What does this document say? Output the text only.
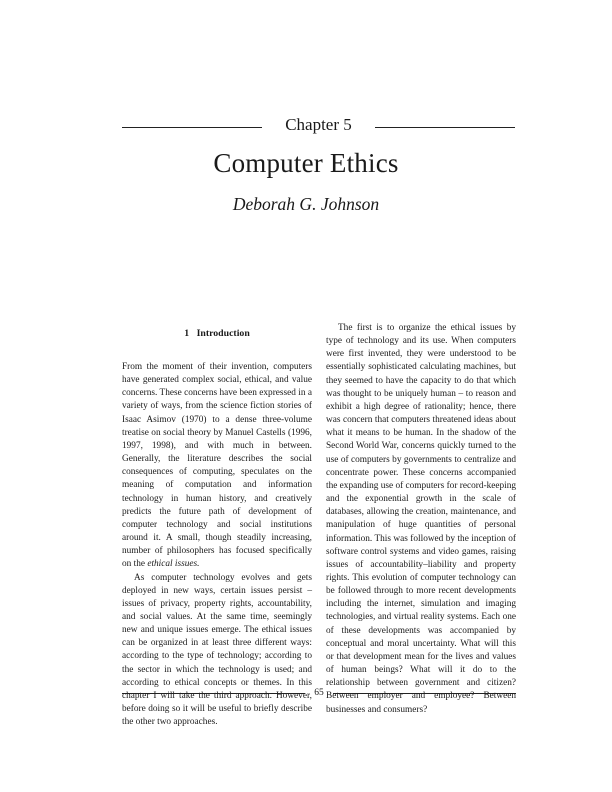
Chapter 5
Computer Ethics
Deborah G. Johnson
1 Introduction

From the moment of their invention, computers have generated complex social, ethical, and value concerns. These concerns have been expressed in a variety of ways, from the science fiction stories of Isaac Asimov (1970) to a dense three-volume treatise on social theory by Manuel Castells (1996, 1997, 1998), and with much in between. Generally, the literature describes the social consequences of computing, speculates on the meaning of computation and information technology in human history, and creatively predicts the future path of development of computer technology and social institutions around it. A small, though steadily increasing, number of philosophers has focused specifically on the ethical issues.

As computer technology evolves and gets deployed in new ways, certain issues persist – issues of privacy, property rights, accountability, and social values. At the same time, seemingly new and unique issues emerge. The ethical issues can be organized in at least three different ways: according to the type of technology; according to the sector in which the technology is used; and according to ethical concepts or themes. In this chapter I will take the third approach. However, before doing so it will be useful to briefly describe the other two approaches.

The first is to organize the ethical issues by type of technology and its use. When computers were first invented, they were understood to be essentially sophisticated calculating machines, but they seemed to have the capacity to do that which was thought to be uniquely human – to reason and exhibit a high degree of rationality; hence, there was concern that computers threatened ideas about what it means to be human. In the shadow of the Second World War, concerns quickly turned to the use of computers by governments to centralize and concentrate power. These concerns accompanied the expanding use of computers for record-keeping and the exponential growth in the scale of databases, allowing the creation, maintenance, and manipulation of huge quantities of personal information. This was followed by the inception of software control systems and video games, raising issues of accountability–liability and property rights. This evolution of computer technology can be followed through to more recent developments including the internet, simulation and imaging technologies, and virtual reality systems. Each one of these developments was accompanied by conceptual and moral uncertainty. What will this or that development mean for the lives and values of human beings? What will it do to the relationship between government and citizen? Between employer and employee? Between businesses and consumers?

65
